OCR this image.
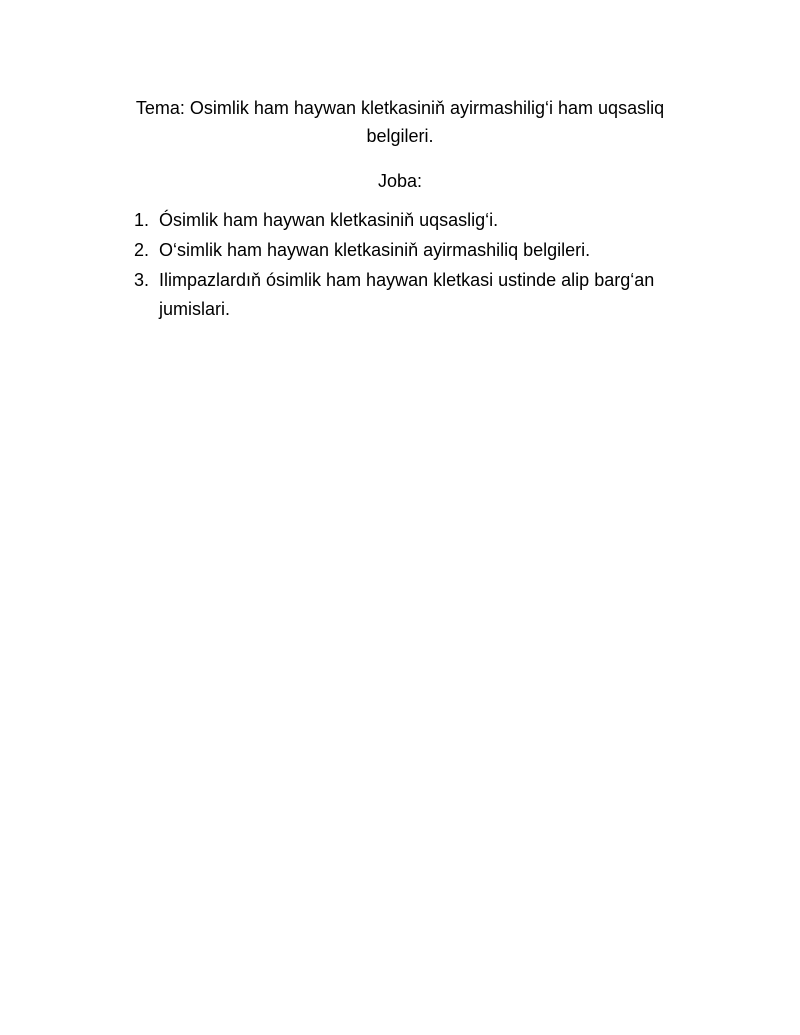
Tema: Osimlik ham haywan kletkasiniň ayirmashilig‘i ham uqsasliq belgileri.

Joba:

1. Ósimlik ham haywan kletkasiniň uqsaslig‘i.
2. O‘simlik ham haywan kletkasiniň ayirmashiliq belgileri.
3. Ilimpazlardıň ósimlik ham haywan kletkasi ustinde alip barg‘an jumislari.
